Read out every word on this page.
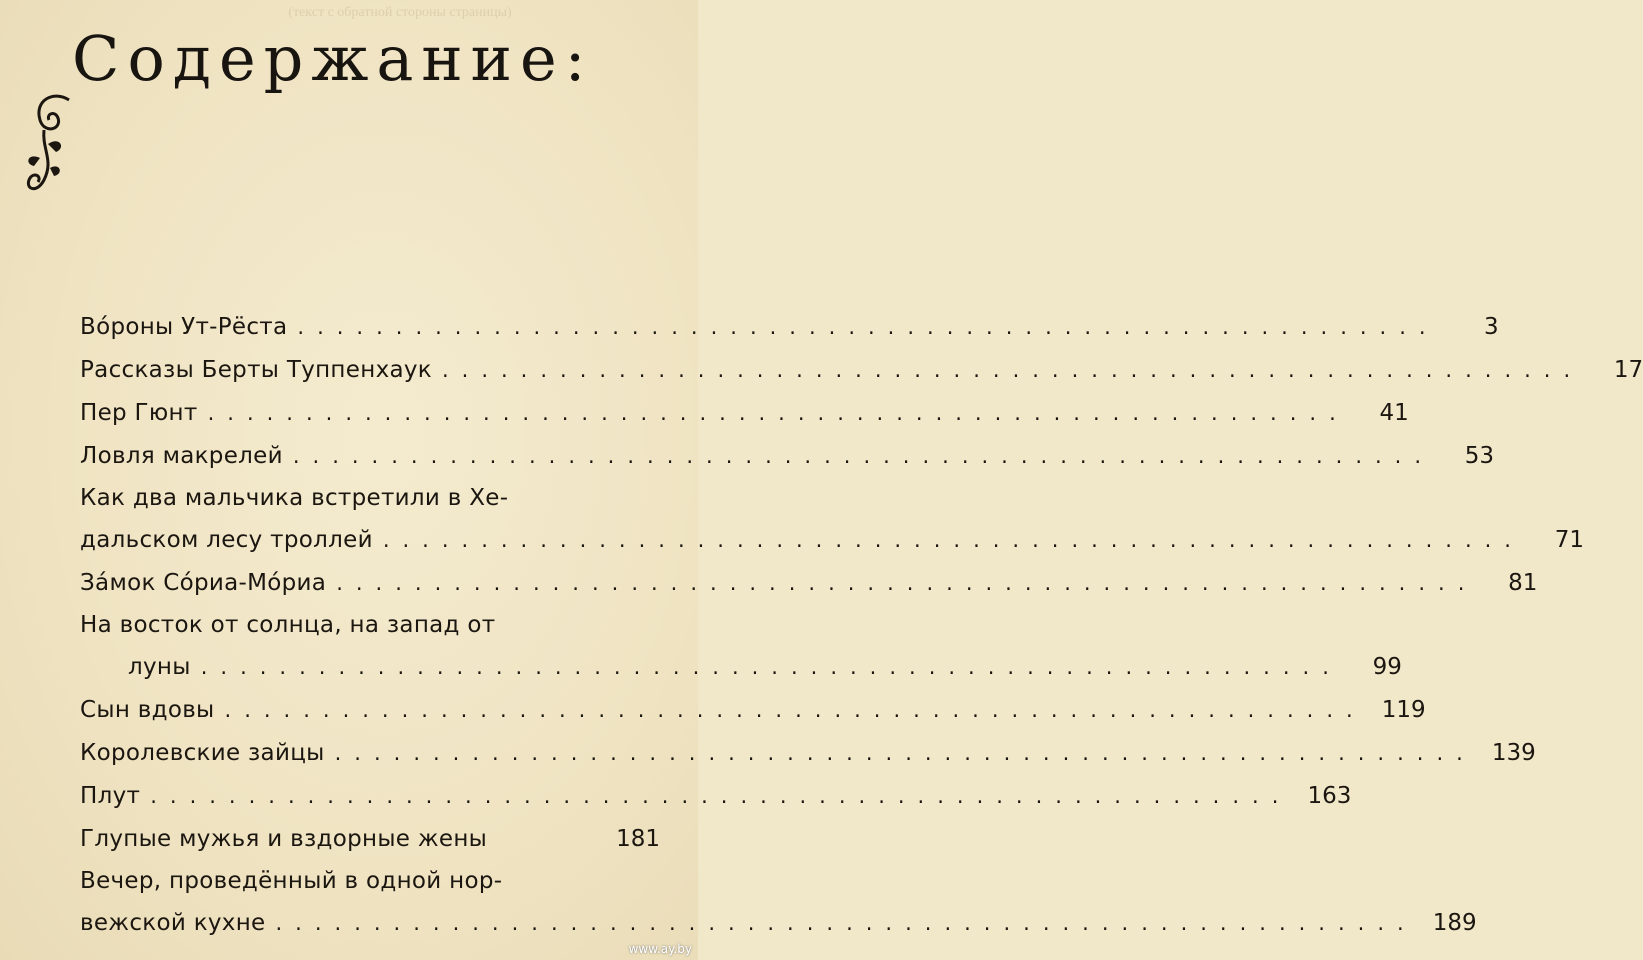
(текст с обратной стороны страницы)
Содержание:
Вóроны Ут-Рёста ..........................................................	3
Рассказы Берты Туппенхаук ..........................................................	17
Пер Гюнт ..........................................................	41
Ловля макрелей ..........................................................	53
Как два мальчика встретили в Хе-
дальском лесу троллей ..........................................................	71
Зáмок Сóриа-Мóриа ..........................................................	81
На восток от солнца, на запад от
луны ..........................................................	99
Сын вдовы .......................................................... 119
Королевские зайцы .......................................................... 139
Плут .......................................................... 163
Глупые мужья и вздорные жены	181
Вечер, проведённый в одной нор-
вежской кухне .......................................................... 189
www.ay.by
